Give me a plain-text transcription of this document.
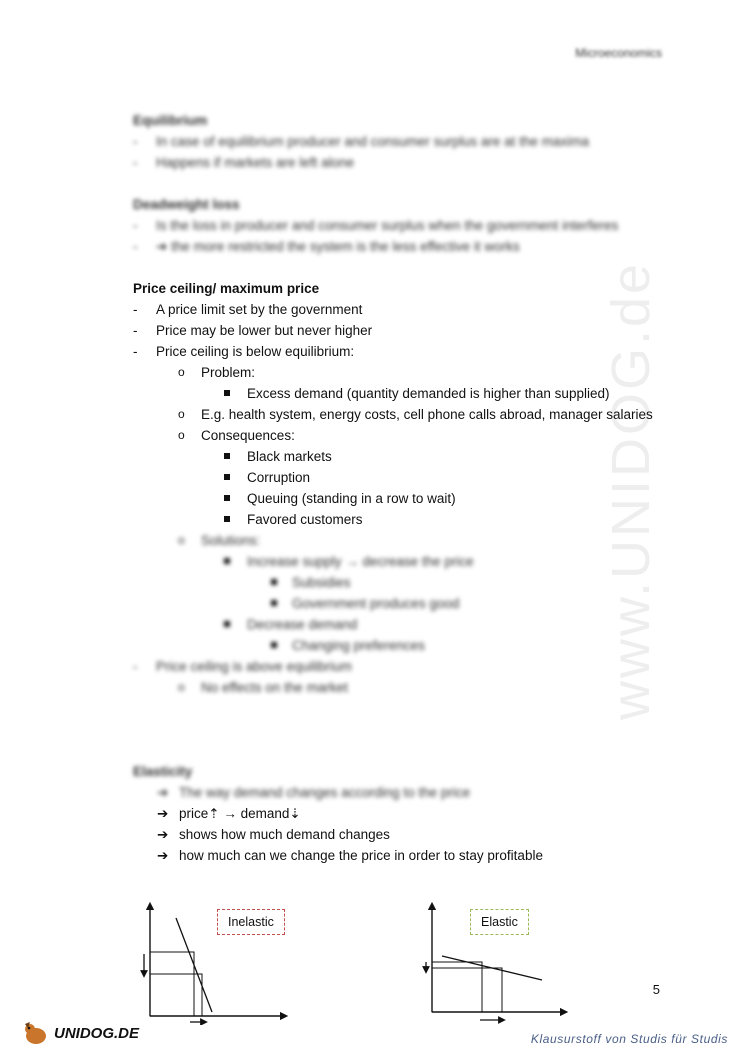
Microeconomics
www.UNIDOG.de
Equilibrium
- In case of equilibrium producer and consumer surplus are at the maxima
- Happens if markets are left alone
Deadweight loss
- Is the loss in producer and consumer surplus when the government interferes
- ➔ the more restricted the system is the less effective it works
Price ceiling/ maximum price
- A price limit set by the government
- Price may be lower but never higher
- Price ceiling is below equilibrium:
o Problem:
Excess demand (quantity demanded is higher than supplied)
o E.g. health system, energy costs, cell phone calls abroad, manager salaries
o Consequences:
Black markets
Corruption
Queuing (standing in a row to wait)
Favored customers
o Solutions:
Increase supply → decrease the price
Subsidies
Government produces good
Decrease demand
Changing preferences
- Price ceiling is above equilibrium
o No effects on the market
Elasticity
➔ The way demand changes according to the price
➔ price⇡ → demand⇣
➔ shows how much demand changes
➔ how much can we change the price in order to stay profitable
Inelastic	Elastic
5
UNIDOG.DE	Klausurstoff von Studis für Studis
